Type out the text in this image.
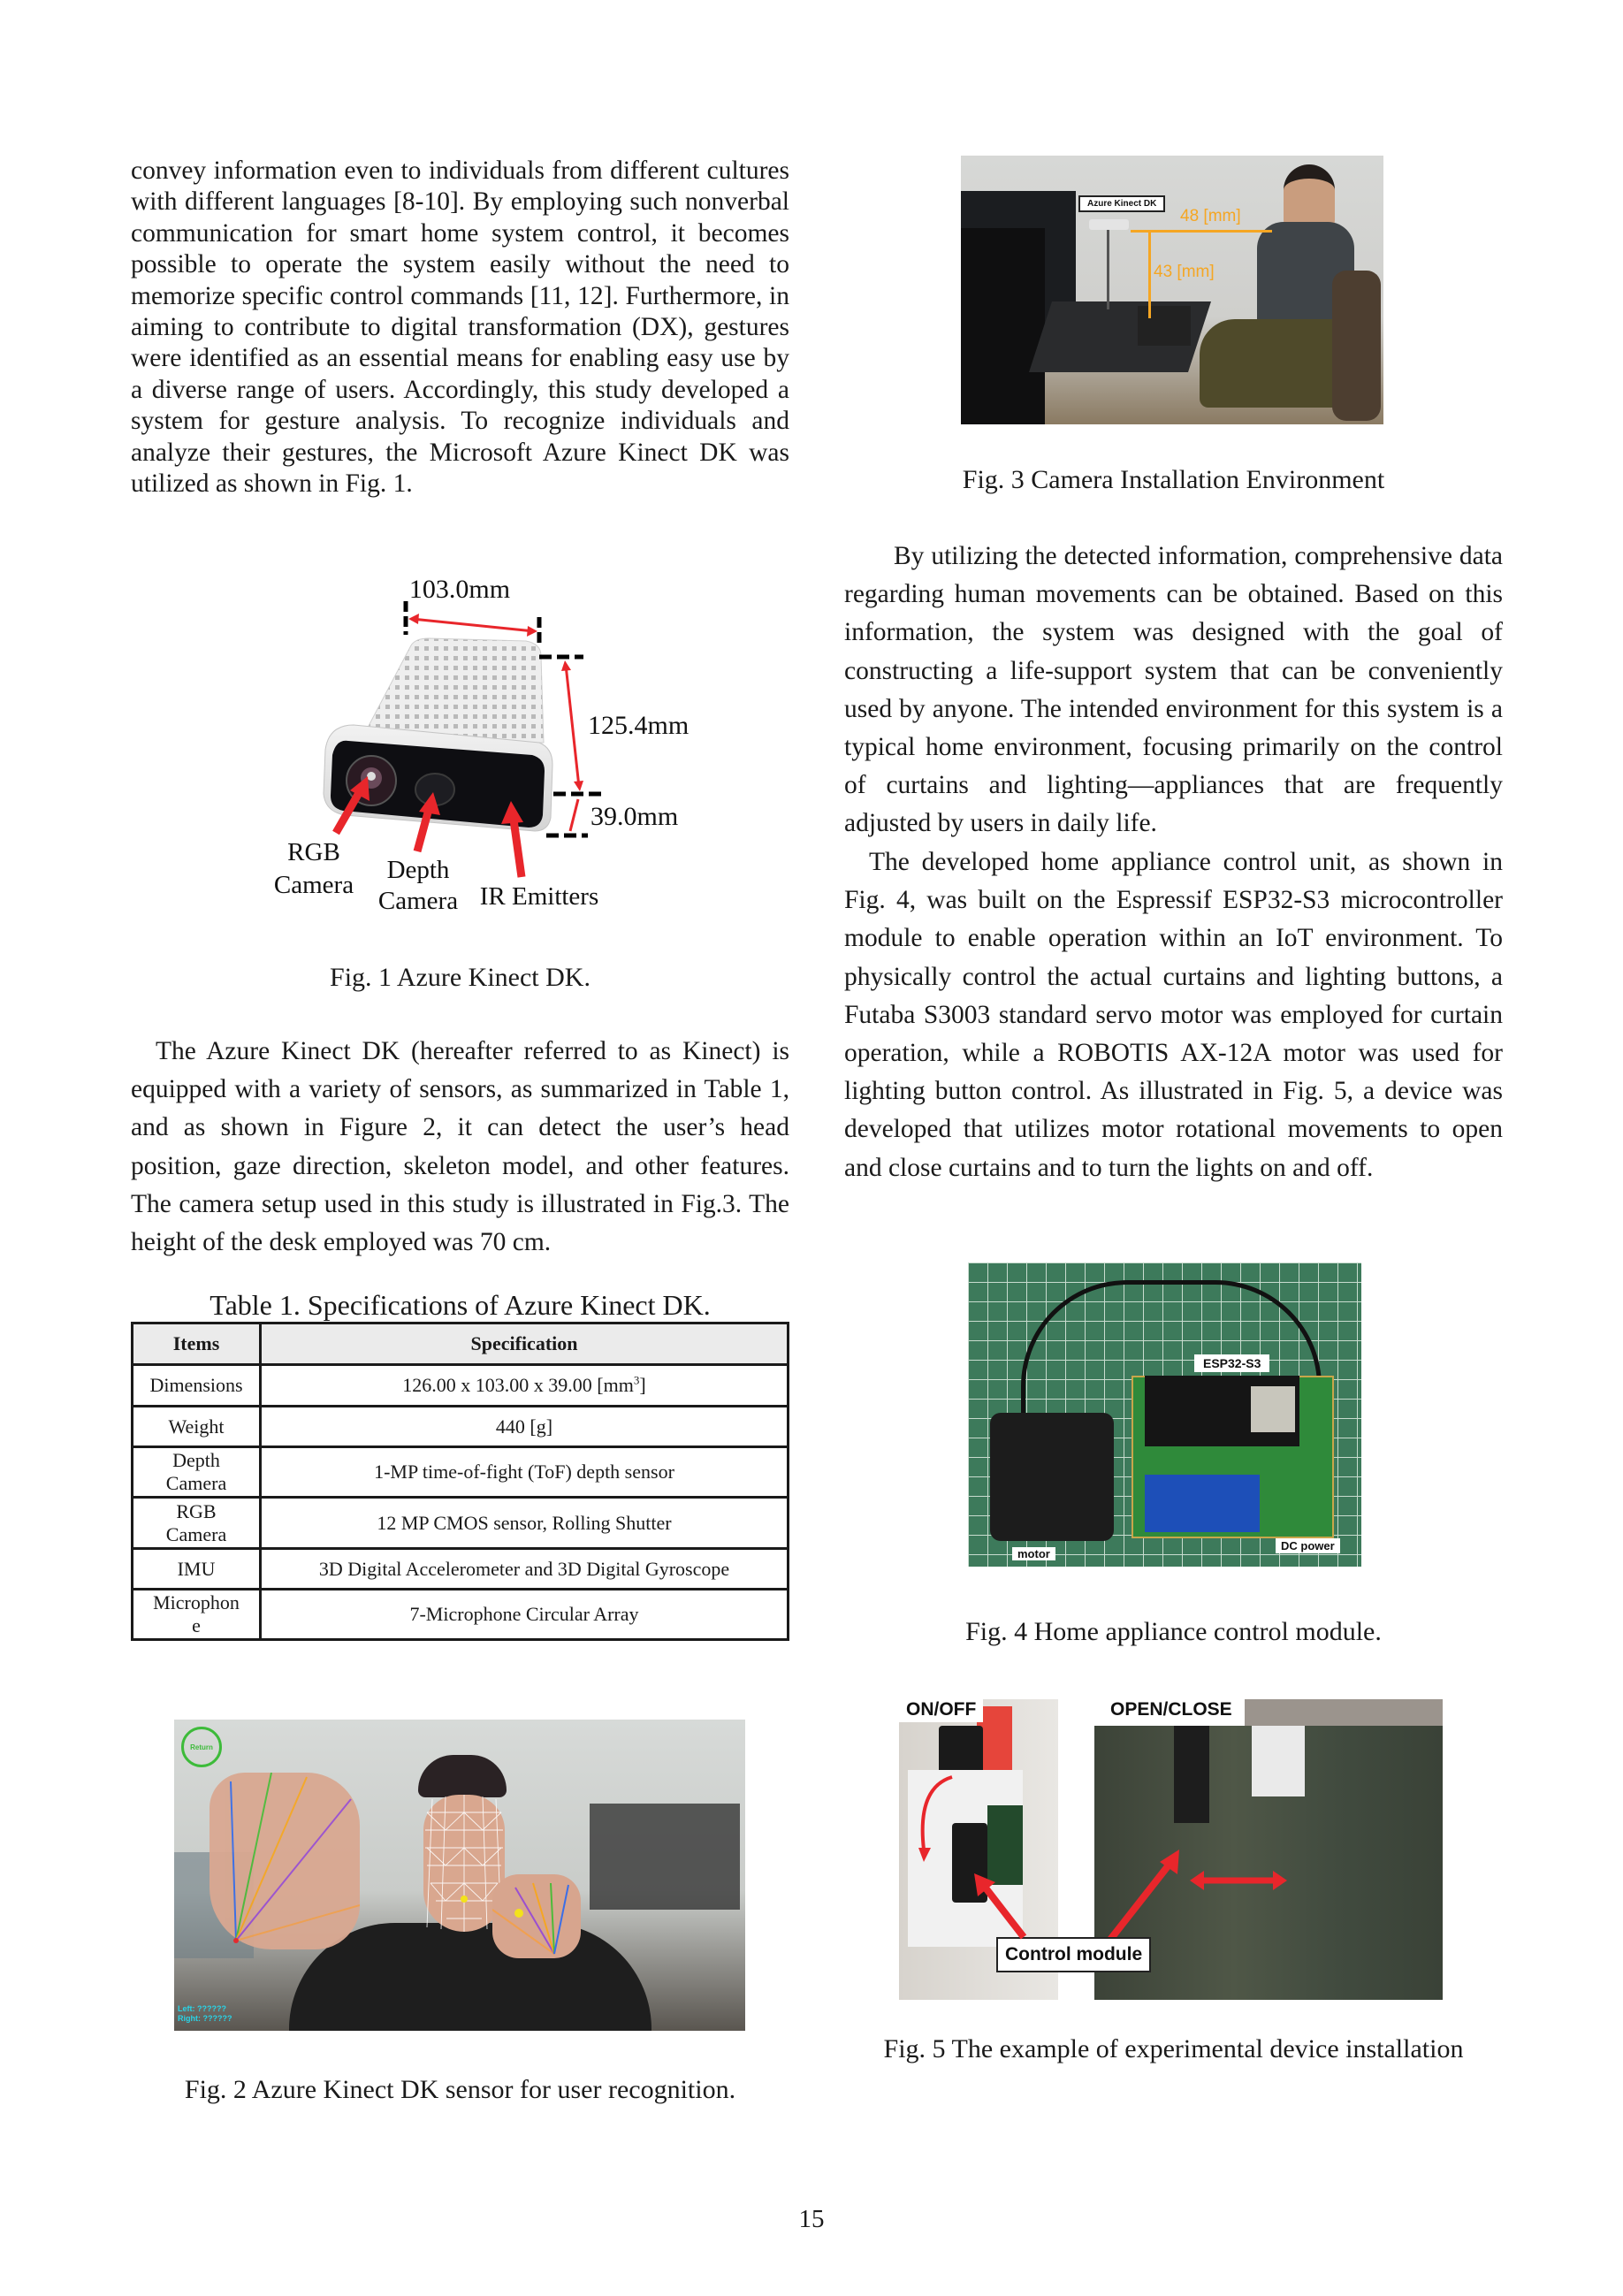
convey information even to individuals from different cultures with different languages [8-10]. By employing such nonverbal communication for smart home system control, it becomes possible to operate the system easily without the need to memorize specific control commands [11, 12]. Furthermore, in aiming to contribute to digital transformation (DX), gestures were identified as an essential means for enabling easy use by a diverse range of users. Accordingly, this study developed a system for gesture analysis. To recognize individuals and analyze their gestures, the Microsoft Azure Kinect DK was utilized as shown in Fig. 1.

103.0mm
125.4mm
39.0mm
RGB
Camera
Depth
Camera IR Emitters
Fig. 1 Azure Kinect DK.

The Azure Kinect DK (hereafter referred to as Kinect) is equipped with a variety of sensors, as summarized in Table 1, and as shown in Figure 2, it can detect the user’s head position, gaze direction, skeleton model, and other features. The camera setup used in this study is illustrated in Fig.3. The height of the desk employed was 70 cm.

Table 1. Specifications of Azure Kinect DK.
Items	Specification
Dimensions	126.00 x 103.00 x 39.00 $[mm^3]$
Weight	440 [g]
Depth
Camera	1-MP time-of-fight (ToF) depth sensor
RGB
Camera	12 MP CMOS sensor, Rolling Shutter
IMU	3D Digital Accelerometer and 3D Digital Gyroscope
Microphon
e	7-Microphone Circular Array
Return
Left: ??????
Right: ??????
Fig. 2 Azure Kinect DK sensor for user recognition.
Azure Kinect DK
48 [mm]
43 [mm]
Fig. 3 Camera Installation Environment

By utilizing the detected information, comprehensive data regarding human movements can be obtained. Based on this information, the system was designed with the goal of constructing a life-support system that can be conveniently used by anyone. The intended environment for this system is a typical home environment, focusing primarily on the control of curtains and lighting—appliances that are frequently adjusted by users in daily life.

The developed home appliance control unit, as shown in Fig. 4, was built on the Espressif ESP32-S3 microcontroller module to enable operation within an IoT environment. To physically control the actual curtains and lighting buttons, a Futaba S3003 standard servo motor was employed for curtain operation, while a ROBOTIS AX-12A motor was used for lighting button control. As illustrated in Fig. 5, a device was developed that utilizes motor rotational movements to open and close curtains and to turn the lights on and off.

ESP32-S3
motor
DC power
Fig. 4 Home appliance control module.
ON/OFF	OPEN/CLOSE
Control module
Fig. 5 The example of experimental device installation
15
